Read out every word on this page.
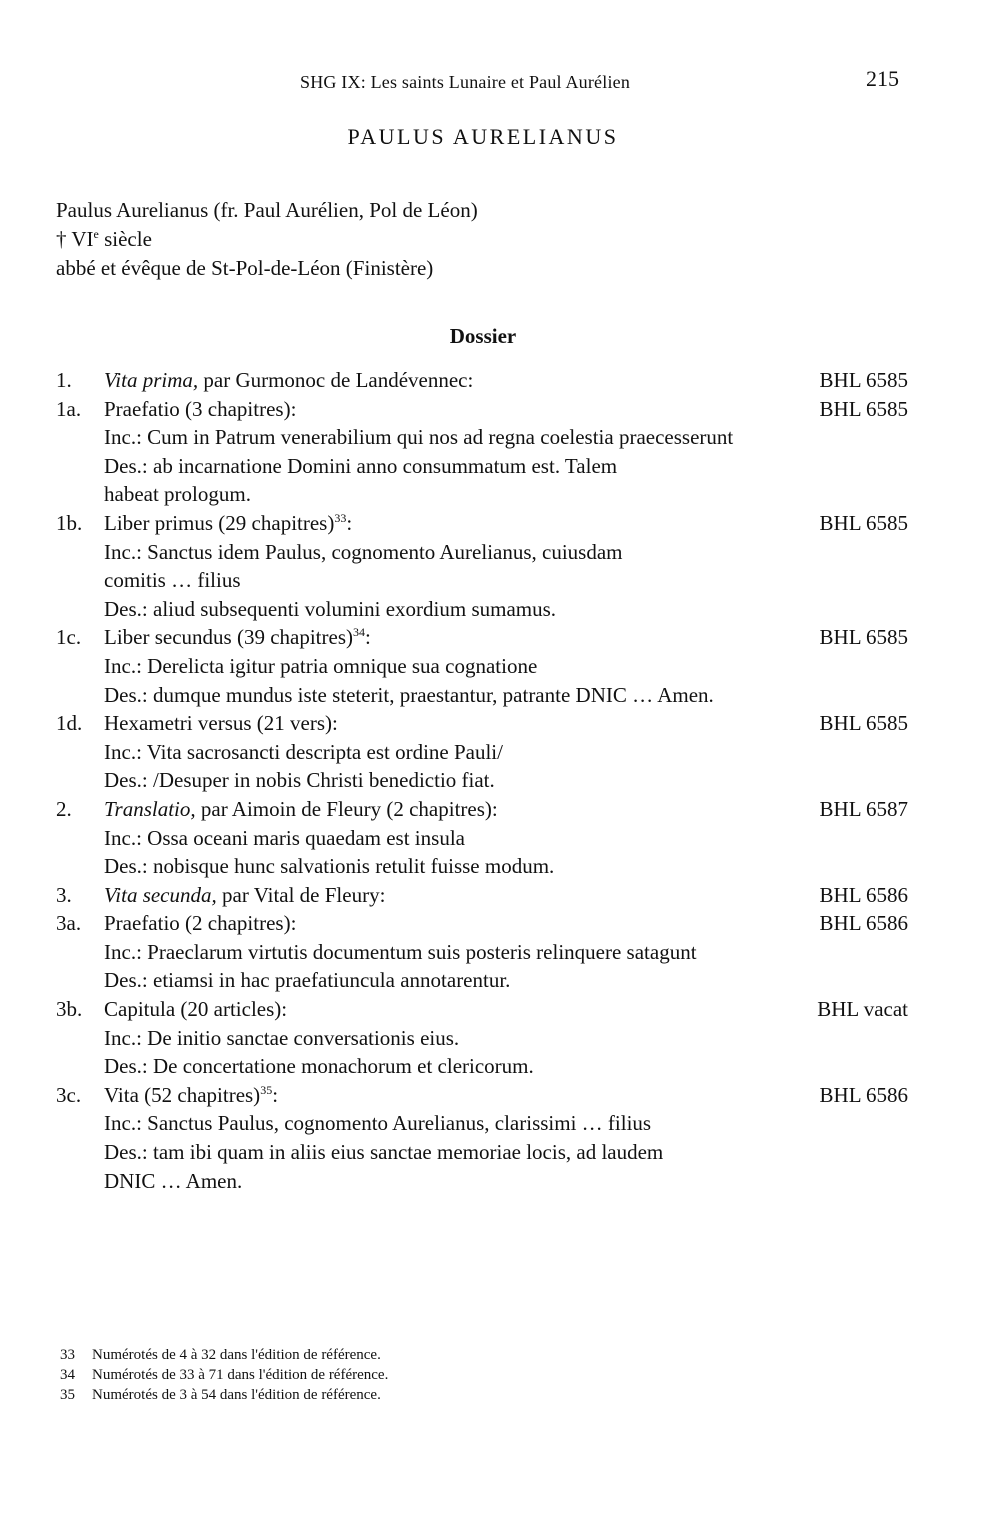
SHG IX: Les saints Lunaire et Paul Aurélien	215
PAULUS AURELIANUS
Paulus Aurelianus (fr. Paul Aurélien, Pol de Léon)
† VIe siècle
abbé et évêque de St-Pol-de-Léon (Finistère)
Dossier
1. Vita prima, par Gurmonoc de Landévennec:	BHL 6585
1a. Praefatio (3 chapitres):	BHL 6585
Inc.: Cum in Patrum venerabilium qui nos ad regna coelestia praecesserunt
Des.: ab incarnatione Domini anno consummatum est. Talem
habeat prologum.
1b. Liber primus (29 chapitres)$^{33}$:	BHL 6585
Inc.: Sanctus idem Paulus, cognomento Aurelianus, cuiusdam
comitis … filius
Des.: aliud subsequenti volumini exordium sumamus.
1c. Liber secundus (39 chapitres)$^{34}$:	BHL 6585
Inc.: Derelicta igitur patria omnique sua cognatione
Des.: dumque mundus iste steterit, praestantur, patrante DNIC … Amen.
1d. Hexametri versus (21 vers):	BHL 6585
Inc.: Vita sacrosancti descripta est ordine Pauli/
Des.: /Desuper in nobis Christi benedictio fiat.
2. Translatio, par Aimoin de Fleury (2 chapitres):	BHL 6587
Inc.: Ossa oceani maris quaedam est insula
Des.: nobisque hunc salvationis retulit fuisse modum.
3. Vita secunda, par Vital de Fleury:	BHL 6586
3a. Praefatio (2 chapitres):	BHL 6586
Inc.: Praeclarum virtutis documentum suis posteris relinquere satagunt
Des.: etiamsi in hac praefatiuncula annotarentur.
3b. Capitula (20 articles):	BHL vacat
Inc.: De initio sanctae conversationis eius.
Des.: De concertatione monachorum et clericorum.
3c. Vita (52 chapitres)$^{35}$:	BHL 6586
Inc.: Sanctus Paulus, cognomento Aurelianus, clarissimi … filius
Des.: tam ibi quam in aliis eius sanctae memoriae locis, ad laudem
DNIC … Amen.
33 Numérotés de 4 à 32 dans l'édition de référence.
34 Numérotés de 33 à 71 dans l'édition de référence.
35 Numérotés de 3 à 54 dans l'édition de référence.
